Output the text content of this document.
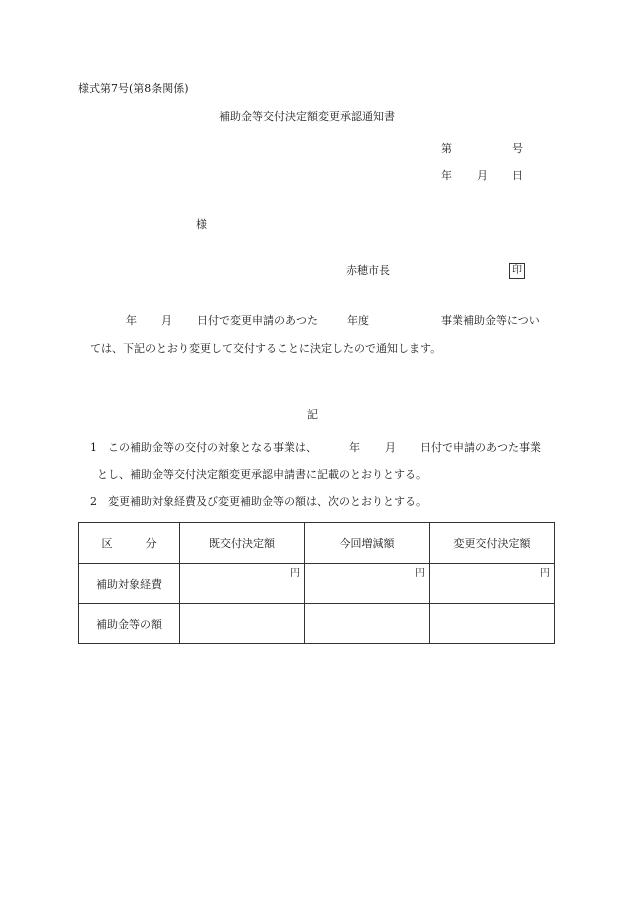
様式第7号(第8条関係)
補助金等交付決定額変更承認通知書
第	号
年 月 日
様
赤穂市長	印
年 月 日付で変更申請のあつた	年度	事業補助金等につい
ては、下記のとおり変更して交付することに決定したので通知します。
記
1 この補助金等の交付の対象となる事業は、	年 月 日付で申請のあつた事業
とし、補助金等交付決定額変更承認申請書に記載のとおりとする。
2 変更補助対象経費及び変更補助金等の額は、次のとおりとする。
区　　　分	既交付決定額	今回増減額	変更交付決定額
補助対象経費	円	円	円

補助金等の額			
